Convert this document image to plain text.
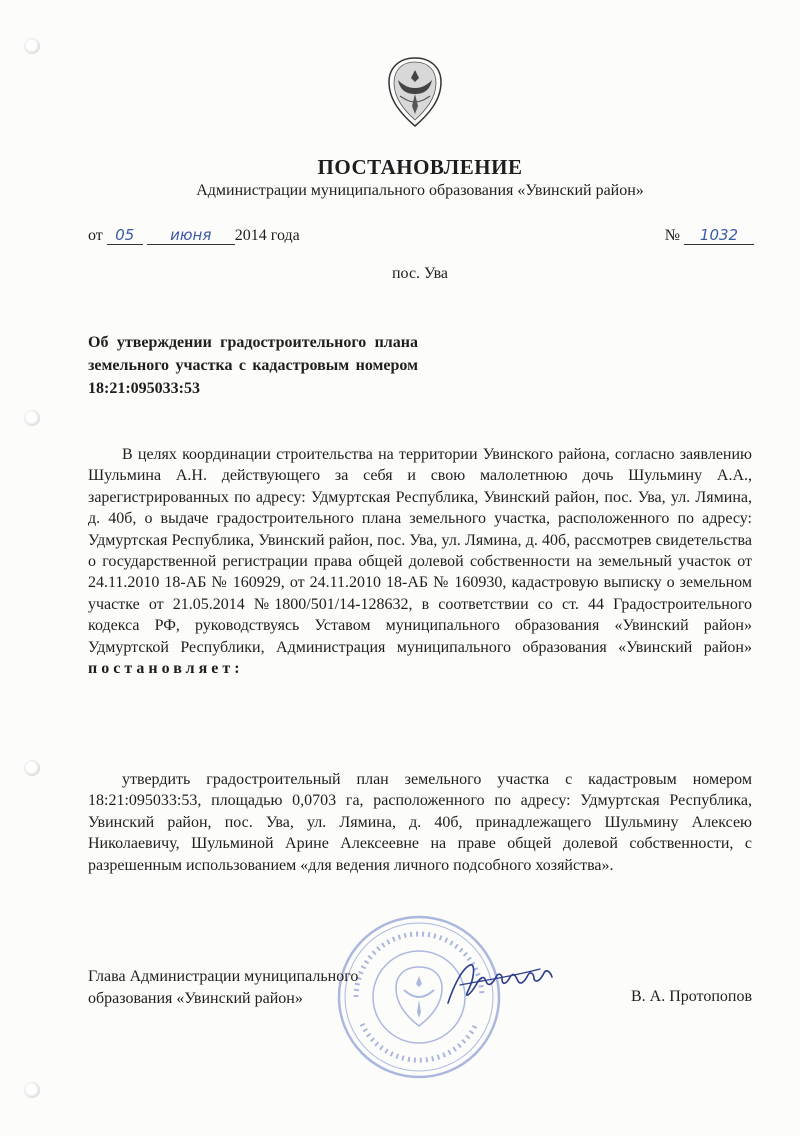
ПОСТАНОВЛЕНИЕ
Администрации муниципального образования «Увинский район»
от 05 июня 2014 года	№ 1032
пос. Ува
Об утверждении градостроительного плана земельного участка с кадастровым номером 18:21:095033:53

В целях координации строительства на территории Увинского района, согласно заявлению Шульмина А.Н. действующего за себя и свою малолетнюю дочь Шульмину А.А., зарегистрированных по адресу: Удмуртская Республика, Увинский район, пос. Ува, ул. Лямина, д. 40б, о выдаче градостроительного плана земельного участка, расположенного по адресу: Удмуртская Республика, Увинский район, пос. Ува, ул. Лямина, д. 40б, рассмотрев свидетельства о государственной регистрации права общей долевой собственности на земельный участок от 24.11.2010 18-АБ № 160929, от 24.11.2010 18-АБ № 160930, кадастровую выписку о земельном участке от 21.05.2014 №1800/501/14-128632, в соответствии со ст. 44 Градостроительного кодекса РФ, руководствуясь Уставом муниципального образования «Увинский район» Удмуртской Республики, Администрация муниципального образования «Увинский район» постановляет:

утвердить градостроительный план земельного участка с кадастровым номером 18:21:095033:53, площадью 0,0703 га, расположенного по адресу: Удмуртская Республика, Увинский район, пос. Ува, ул. Лямина, д. 40б, принадлежащего Шульмину Алексею Николаевичу, Шульминой Арине Алексеевне на праве общей долевой собственности, с разрешенным использованием «для ведения личного подсобного хозяйства».

Глава Администрации муниципального
образования «Увинский район»	В. А. Протопопов
